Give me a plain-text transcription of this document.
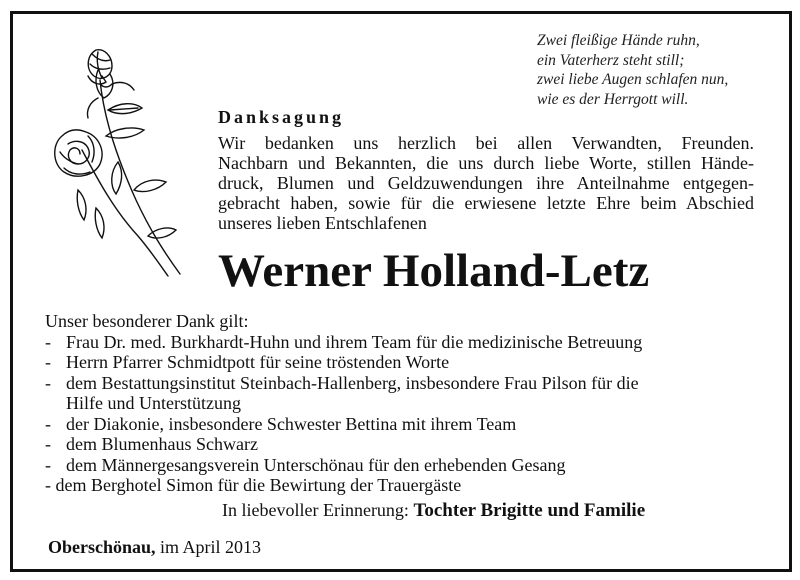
Zwei fleißige Hände ruhn,
ein Vaterherz steht still;
zwei liebe Augen schlafen nun,
wie es der Herrgott will.
Danksagung
Wir bedanken uns herzlich bei allen Verwandten, Freunden.
Nachbarn und Bekannten, die uns durch liebe Worte, stillen Hände-
druck, Blumen und Geldzuwendungen ihre Anteilnahme entgegen-
gebracht haben, sowie für die erwiesene letzte Ehre beim Abschied
unseres lieben Entschlafenen
Werner Holland-Letz
Unser besonderer Dank gilt:
- Frau Dr. med. Burkhardt-Huhn und ihrem Team für die medizinische Betreuung
- Herrn Pfarrer Schmidtpott für seine tröstenden Worte
- dem Bestattungsinstitut Steinbach-Hallenberg, insbesondere Frau Pilson für die
Hilfe und Unterstützung
- der Diakonie, insbesondere Schwester Bettina mit ihrem Team
- dem Blumenhaus Schwarz
- dem Männergesangsverein Unterschönau für den erhebenden Gesang
- dem Berghotel Simon für die Bewirtung der Trauergäste
In liebevoller Erinnerung: Tochter Brigitte und Familie
Oberschönau, im April 2013
